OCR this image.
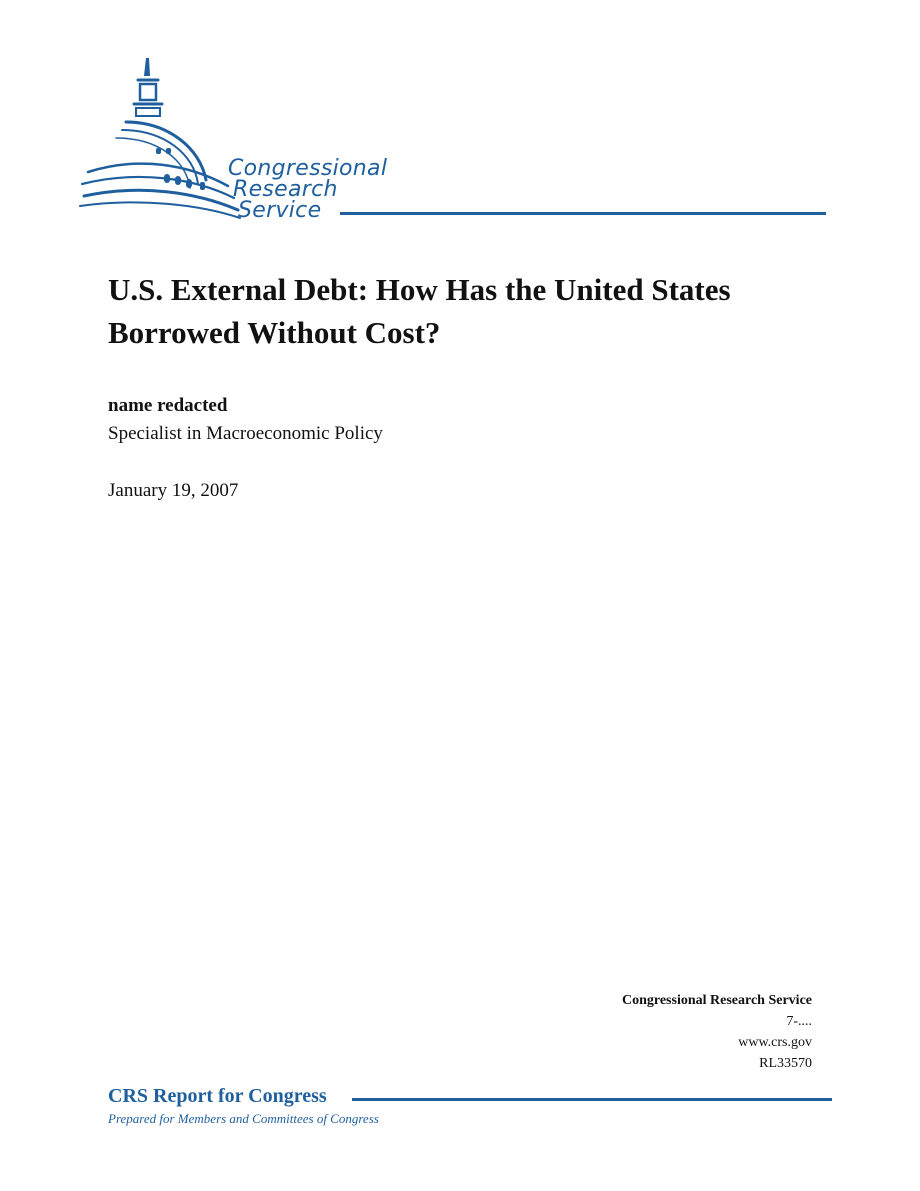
Congressional
Research
Service
U.S. External Debt: How Has the United States Borrowed Without Cost?
name redacted
Specialist in Macroeconomic Policy
January 19, 2007
Congressional Research Service
7-....
www.crs.gov
RL33570
CRS Report for Congress
Prepared for Members and Committees of Congress
